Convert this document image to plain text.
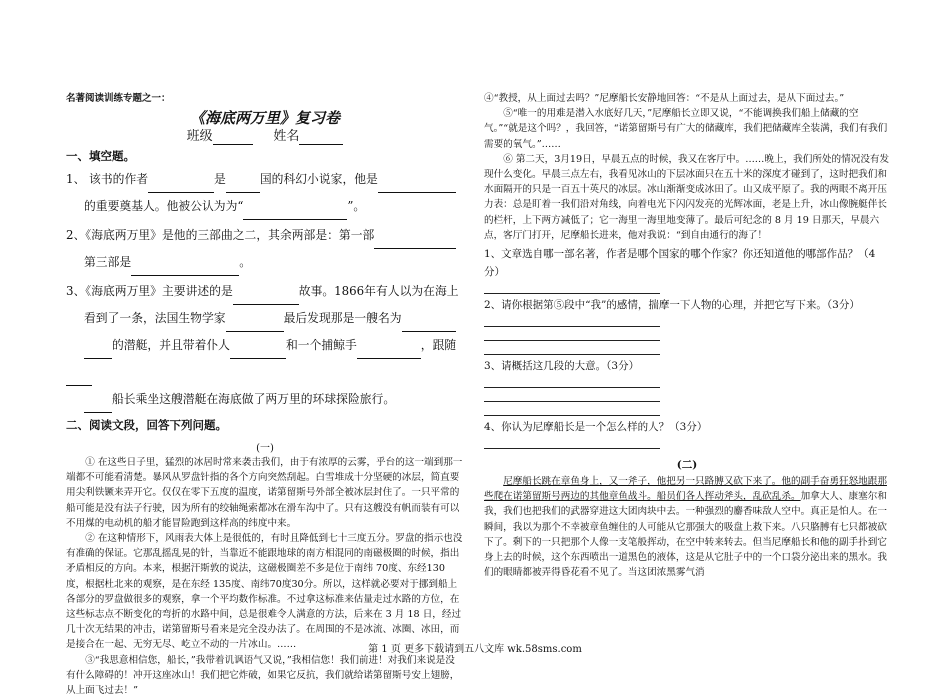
名著阅读训练专题之一：

《海底两万里》复习卷

班级	姓名

一、填空题。

1、 该书的作者	是	国的科幻小说家，他是
的重要奠基人。他被公认为为“	”。

2、《海底两万里》是他的三部曲之二，其余两部是：第一部
第三部是	。

3、《海底两万里》主要讲述的是	故事。1866年有人以为在海上
看到了一条，法国生物学家	最后发现那是一艘名为
的潜艇，并且带着仆人	和一个捕鲸手	，跟随
船长乘坐这艘潜艇在海底做了两万里的环球探险旅行。

二、阅读文段，回答下列问题。

(一)

① 在这些日子里，猛烈的冰居时常来袭击我们，由于有浓厚的云雾，乎台的这一端到那一端都不可能看清楚。暴风从罗盘针指的各个方向突然刮起。白雪堆成十分坚硬的冰层，简直要用尖利铁镢来弄开它。仅仅在零下五度的温度，诺第留斯号外部全被冰层封住了。一只平常的船可能是没有法子行驶，因为所有的绞轴绳索都冰在滑车沟中了。只有这艘没有帆而装有可以不用煤的电动机的船才能冒险跑到这样高的纬度中来。

② 在这种情形下，风雨表大体上是很低的，有时且降低到七十三度五分。罗盘的指示也没有准确的保证。它那乱摇乱晃的针，当靠近不能跟地球的南方相混同的南磁极圈的时候，指出矛盾相反的方向。本来，根据汗斯敦的说法，这磁极圈差不多是位于南纬 70度、东经130度，根据杜北来的观察，是在东经 135度、南纬70度30分。所以，这样就必要对于挪到船上各部分的罗盘做很多的观察，拿一个平均数作标准。不过拿这标准来估量走过水路的方位，在这些标志点不断变化的弯折的水路中间，总是很难令人满意的方法，后来在 3 月 18 日，经过几十次无结果的冲击，诺第留斯号看来是完全没办法了。在周围的不是冰流、冰圈、冰田，而是接合在一起、无穷无尽、屹立不动的一片冰山。……

③“我思意相信您，船长，”我带着讥讽语气又说，”我相信您！我们前进！对我们来说是没有什么障碍的！冲开这座冰山！我们把它炸破，如果它反抗，我们就给诺第留斯号安上翅膀，从上面飞过去！”

④“教授，从上面过去吗？”尼摩船长安静地回答：“不是从上面过去，是从下面过去。”

⑤“唯一的用难是潜入水底好几天，”尼摩船长立即又说，“不能调换我们船上储藏的空气。”“就是这个吗？，我回答，“诺第留斯号有广大的储藏库，我们把储藏库全装满，我们有我们需要的氧气。”……

⑥ 第二天，3月19日，早晨五点的时候，我又在客厅中。……晚上，我们所处的情况没有发现什么变化。早晨三点左右，我看见冰山的下层冰面只在五十米的深度才碰到了，这时把我们和水面隔开的只是一百五十英尺的冰层。冰山渐渐变成冰田了。山又成平原了。我的两眼不离开压力表：总是盯着一我们沿对角线，向着电光下闪闪发亮的光辉冰面，老是上升，冰山像腕艇伴长的栏杆，上下两方减低了；它一海里一海里地变薄了。最后可纪念的 8 月 19 日那天，早晨六点，客厅门打开，尼摩船长进来，他对我说：“到自由通行的海了！

1、文章选自哪一部名著，作者是哪个国家的哪个作家？你还知道他的哪部作品？（4分）

2、请你根据第⑤段中“我”的感情，揣摩一下人物的心理，并把它写下来。（3分）

3、请概括这几段的大意。（3分）

4、你认为尼摩船长是一个怎么样的人？（3分）

(二)

尼摩船长跳在章鱼身上，又一斧子，他把另一只路膊又砍下来了。他的副手奋勇狂怒地跟那些爬在诺第留斯号两边的其他章鱼战斗。船员们各人挥动斧头，乱砍乱杀。加拿大人、康塞尔和我，我们也把我们的武器穿进这大团肉块中去。一种强烈的麝香味敌人空中。真正是怕人。在一瞬间，我以为那个不幸被章鱼缠住的人可能从它那强大的吸盘上救下来。八只胳膊有七只都被砍下了。剩下的一只把那个人像一支笔般挥动，在空中转来转去。但当尼摩船长和他的副手扑到它身上去的时候，这个东西喷出一道黑色的液体，这是从它肚子中的一个口袋分泌出来的黑水。我们的眼睛都被弄得昏花看不见了。当这团浓黑雾气消

第 1 页 更多下载请到五八文库 wk.58sms.com
